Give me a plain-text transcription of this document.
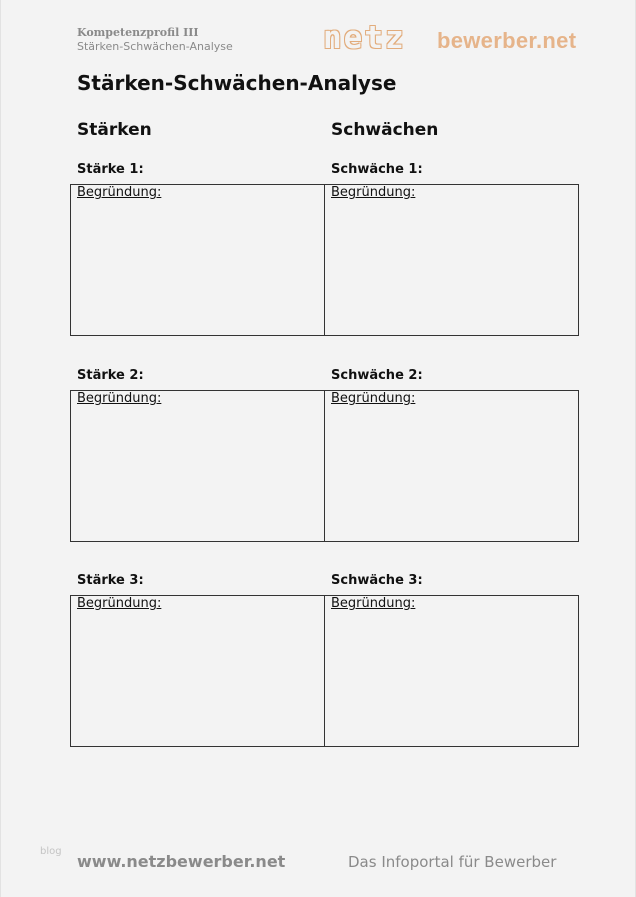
Kompetenzprofil III
Stärken-Schwächen-Analyse	netz bewerber.net
Stärken-Schwächen-Analyse
Stärken	Schwächen
Stärke 1:	Schwäche 1:
Begründung:	Begründung:
Stärke 2:	Schwäche 2:
Begründung:	Begründung:
Stärke 3:	Schwäche 3:
Begründung:	Begründung:
blog
www.netzbewerber.net	Das Infoportal für Bewerber
